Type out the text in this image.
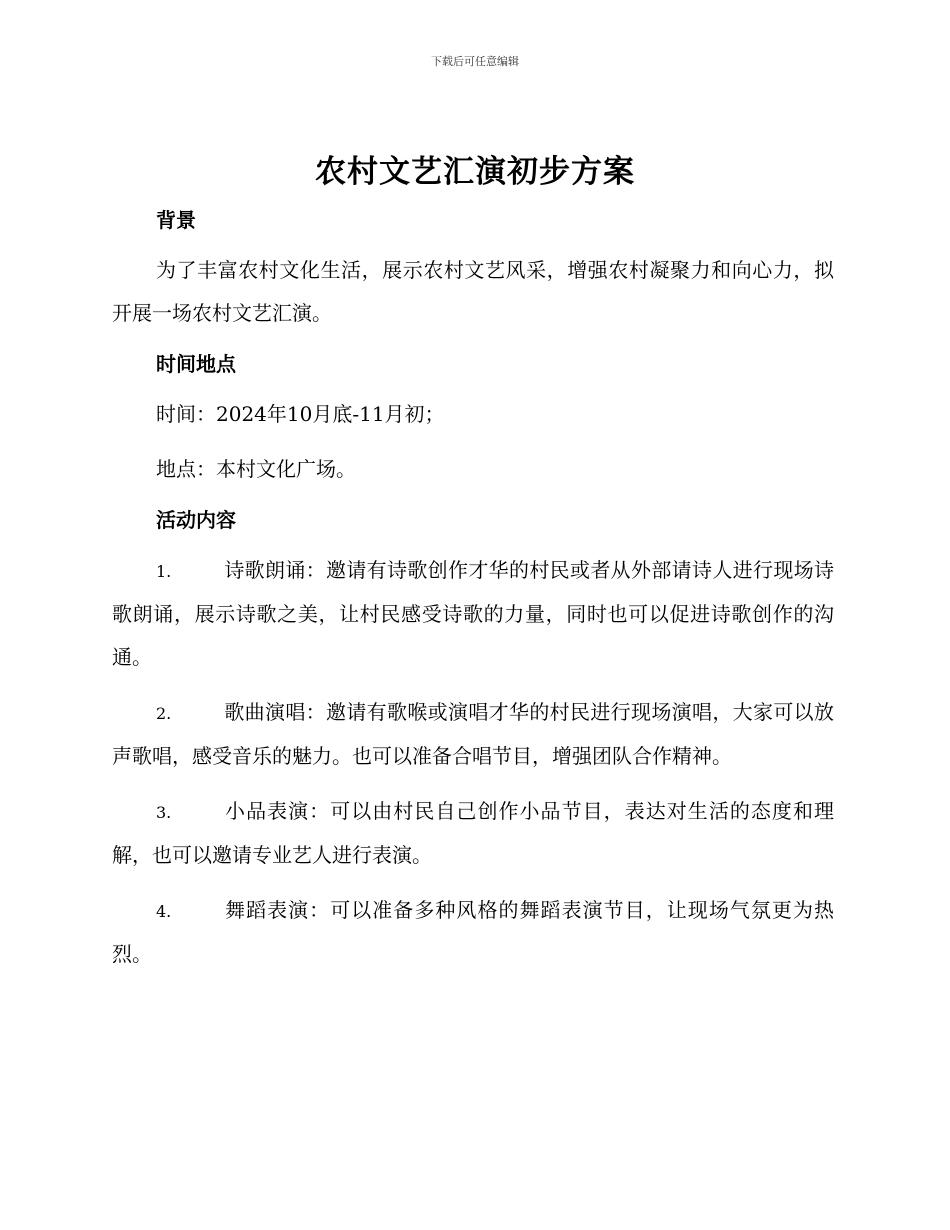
下载后可任意编辑
农村文艺汇演初步方案

背景

为了丰富农村文化生活，展示农村文艺风采，增强农村凝聚力和向心力，拟开展一场农村文艺汇演。

时间地点

时间：2024年10月底-11月初；

地点：本村文化广场。

活动内容

1.	诗歌朗诵：邀请有诗歌创作才华的村民或者从外部请诗人进行现场诗歌朗诵，展示诗歌之美，让村民感受诗歌的力量，同时也可以促进诗歌创作的沟通。

2.	歌曲演唱：邀请有歌喉或演唱才华的村民进行现场演唱，大家可以放声歌唱，感受音乐的魅力。也可以准备合唱节目，增强团队合作精神。

3.	小品表演：可以由村民自己创作小品节目，表达对生活的态度和理解，也可以邀请专业艺人进行表演。

4.	舞蹈表演：可以准备多种风格的舞蹈表演节目，让现场气氛更为热烈。
